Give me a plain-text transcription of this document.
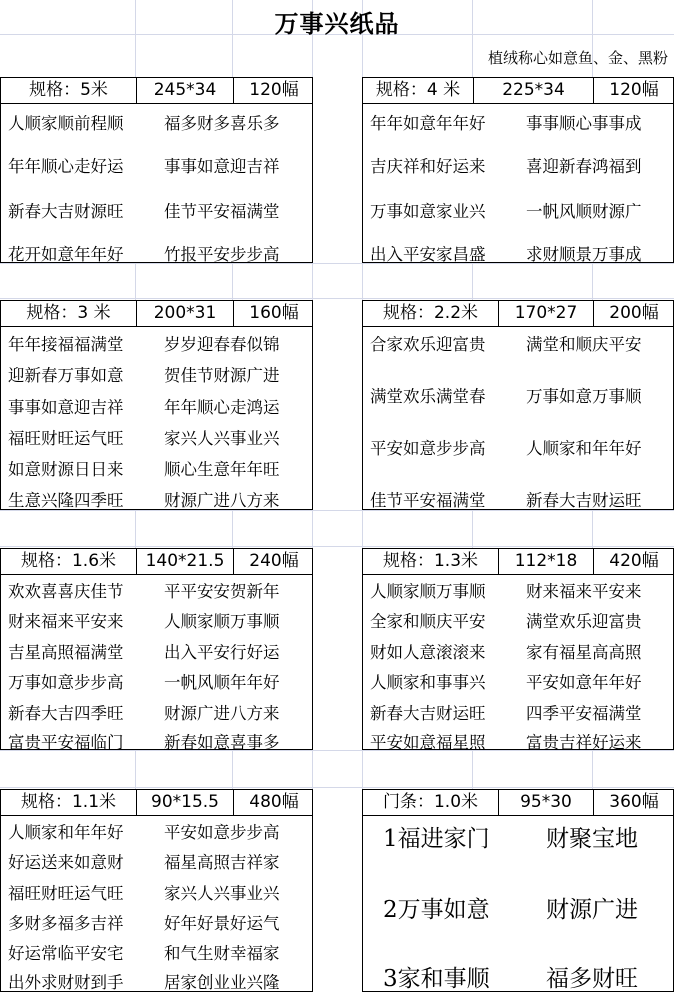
万事兴纸品
植绒称心如意鱼、金、黑粉
规格：5米	245*34	120幅
人顺家顺前程顺 福多财多喜乐多
年年顺心走好运 事事如意迎吉祥
新春大吉财源旺 佳节平安福满堂
花开如意年年好 竹报平安步步高
规格：4 米	225*34	120幅
年年如意年年好 事事顺心事事成
吉庆祥和好运来 喜迎新春鸿福到
万事如意家业兴 一帆风顺财源广
出入平安家昌盛 求财顺景万事成
规格：3 米	200*31	160幅
年年接福福满堂 岁岁迎春春似锦
迎新春万事如意 贺佳节财源广进
事事如意迎吉祥 年年顺心走鸿运
福旺财旺运气旺 家兴人兴事业兴
如意财源日日来 顺心生意年年旺
生意兴隆四季旺 财源广进八方来
规格：2.2米	170*27	200幅
合家欢乐迎富贵 满堂和顺庆平安
满堂欢乐满堂春 万事如意万事顺
平安如意步步高 人顺家和年年好
佳节平安福满堂 新春大吉财运旺
规格：1.6米	140*21.5	240幅
欢欢喜喜庆佳节 平平安安贺新年
财来福来平安来 人顺家顺万事顺
吉星高照福满堂 出入平安行好运
万事如意步步高 一帆风顺年年好
新春大吉四季旺 财源广进八方来
富贵平安福临门 新春如意喜事多
规格：1.3米	112*18	420幅
人顺家顺万事顺 财来福来平安来
全家和顺庆平安 满堂欢乐迎富贵
财如人意滚滚来 家有福星高高照
人顺家和事事兴 平安如意年年好
新春大吉财运旺 四季平安福满堂
平安如意福星照 富贵吉祥好运来
规格：1.1米	90*15.5	480幅
人顺家和年年好 平安如意步步高
好运送来如意财 福星高照吉祥家
福旺财旺运气旺 家兴人兴事业兴
多财多福多吉祥 好年好景好运气
好运常临平安宅 和气生财幸福家
出外求财财到手 居家创业业兴隆
门条：1.0米	95*30	360幅
1福进家门 财聚宝地
2万事如意 财源广进
3家和事顺 福多财旺
